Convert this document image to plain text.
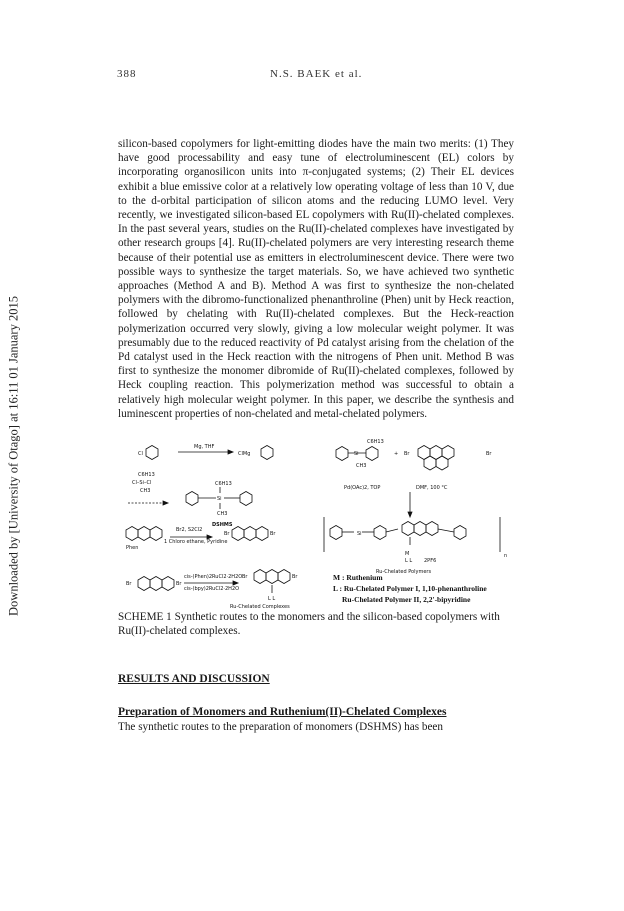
388	N.S. BAEK et al.
Downloaded by [University of Otago] at 16:11 01 January 2015

silicon-based copolymers for light-emitting diodes have the main two merits: (1) They have good processability and easy tune of electroluminescent (EL) colors by incorporating organosilicon units into π-conjugated systems; (2) Their EL devices exhibit a blue emissive color at a relatively low operating voltage of less than 10 V, due to the d-orbital participation of silicon atoms and the reducing LUMO level. Very recently, we investigated silicon-based EL copolymers with Ru(II)-chelated complexes. In the past several years, studies on the Ru(II)-chelated complexes have investigated by other research groups [4]. Ru(II)-chelated polymers are very interesting research theme because of their potential use as emitters in electroluminescent device. There were two possible ways to synthesize the target materials. So, we have achieved two synthetic approaches (Method A and B). Method A was first to synthesize the non-chelated polymers with the dibromo-functionalized phenanthroline (Phen) unit by Heck reaction, followed by chelating with Ru(II)-chelated complexes. But the Heck-reaction polymerization occurred very slowly, giving a low molecular weight polymer. It was presumably due to the reduced reactivity of Pd catalyst arising from the chelation of the Pd catalyst used in the Heck reaction with the nitrogens of Phen unit. Method B was first to synthesize the monomer dibromide of Ru(II)-chelated complexes, followed by Heck coupling reaction. This polymerization method was successful to obtain a relatively high molecular weight polymer. In this paper, we describe the synthesis and luminescent properties of non-chelated and metal-chelated polymers.

Cl
Mg, THF
ClMg
C6H13
Cl–Si–Cl
CH3
C6H13
Si
CH3
DSHMS
C6H13
Si
CH3
+ Br	Br
Pd(OAc)2, TOP	DMF, 100 °C
Si
M
L L 2PF6
n
Ru-Chelated Polymers
Phen
Br2, S2Cl2
1 Chloro ethane, Pyridine
Br	Br
Br	Br
cis-(Phen)2RuCl2·2H2O
cis-(bpy)2RuCl2·2H2O
Br	Br
L L
Ru-Chelated Complexes
M : Ruthenium
L : Ru-Chelated Polymer I, 1,10-phenanthroline
Ru-Chelated Polymer II, 2,2'-bipyridine

SCHEME 1 Synthetic routes to the monomers and the silicon-based copolymers with Ru(II)-chelated complexes.

RESULTS AND DISCUSSION
Preparation of Monomers and Ruthenium(II)-Chelated Complexes

The synthetic routes to the preparation of monomers (DSHMS) has been
